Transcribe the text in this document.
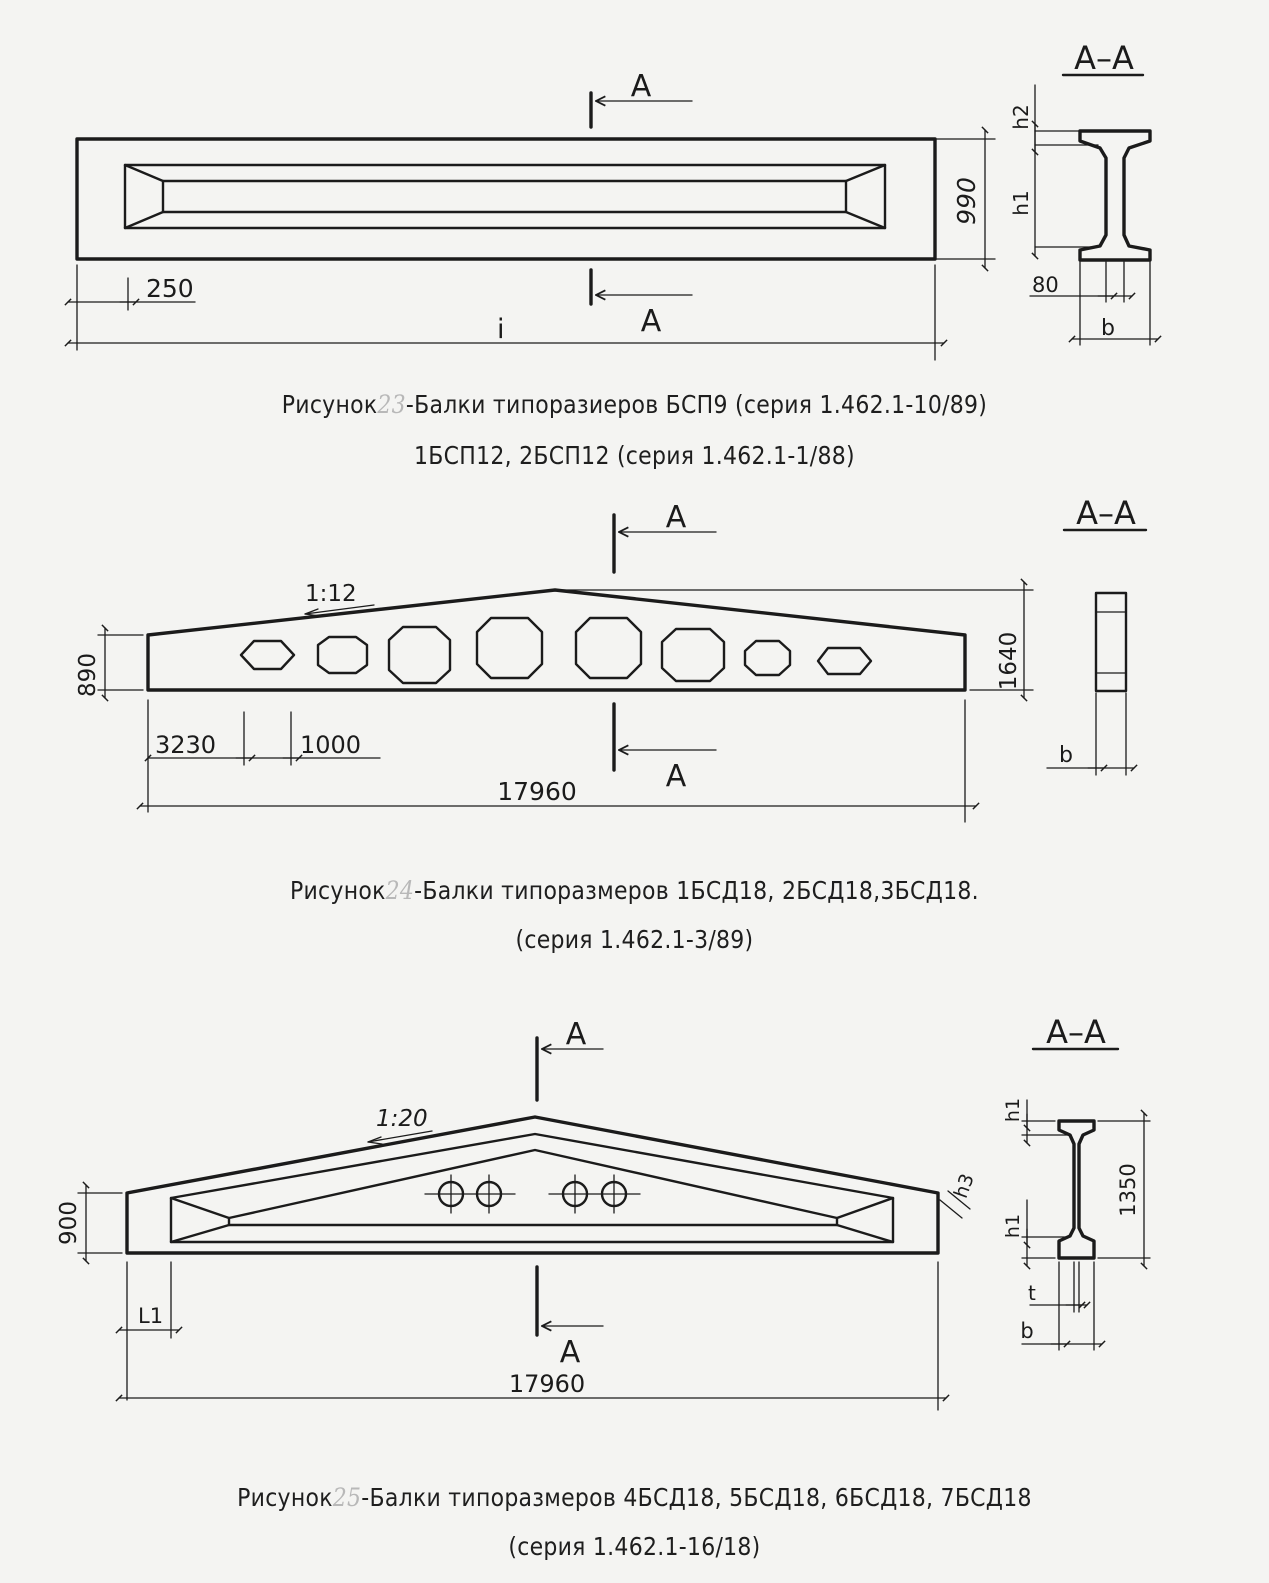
A
A
990
250
i
A–A
h2
h1
80
b
1:12
A
A
890	1640
3230	1000
17960
A–A
b
1:20
A
A
900
h3
L1
17960
A–A
1350
h1
h1
t
b
Рисунок23-Балки типоразиеров БСП9 (серия 1.462.1-10/89)
1БСП12, 2БСП12 (серия 1.462.1-1/88)
Рисунок24-Балки типоразмеров 1БСД18, 2БСД18,3БСД18.
(серия 1.462.1-3/89)
Рисунок25-Балки типоразмеров 4БСД18, 5БСД18, 6БСД18, 7БСД18
(серия 1.462.1-16/18)
